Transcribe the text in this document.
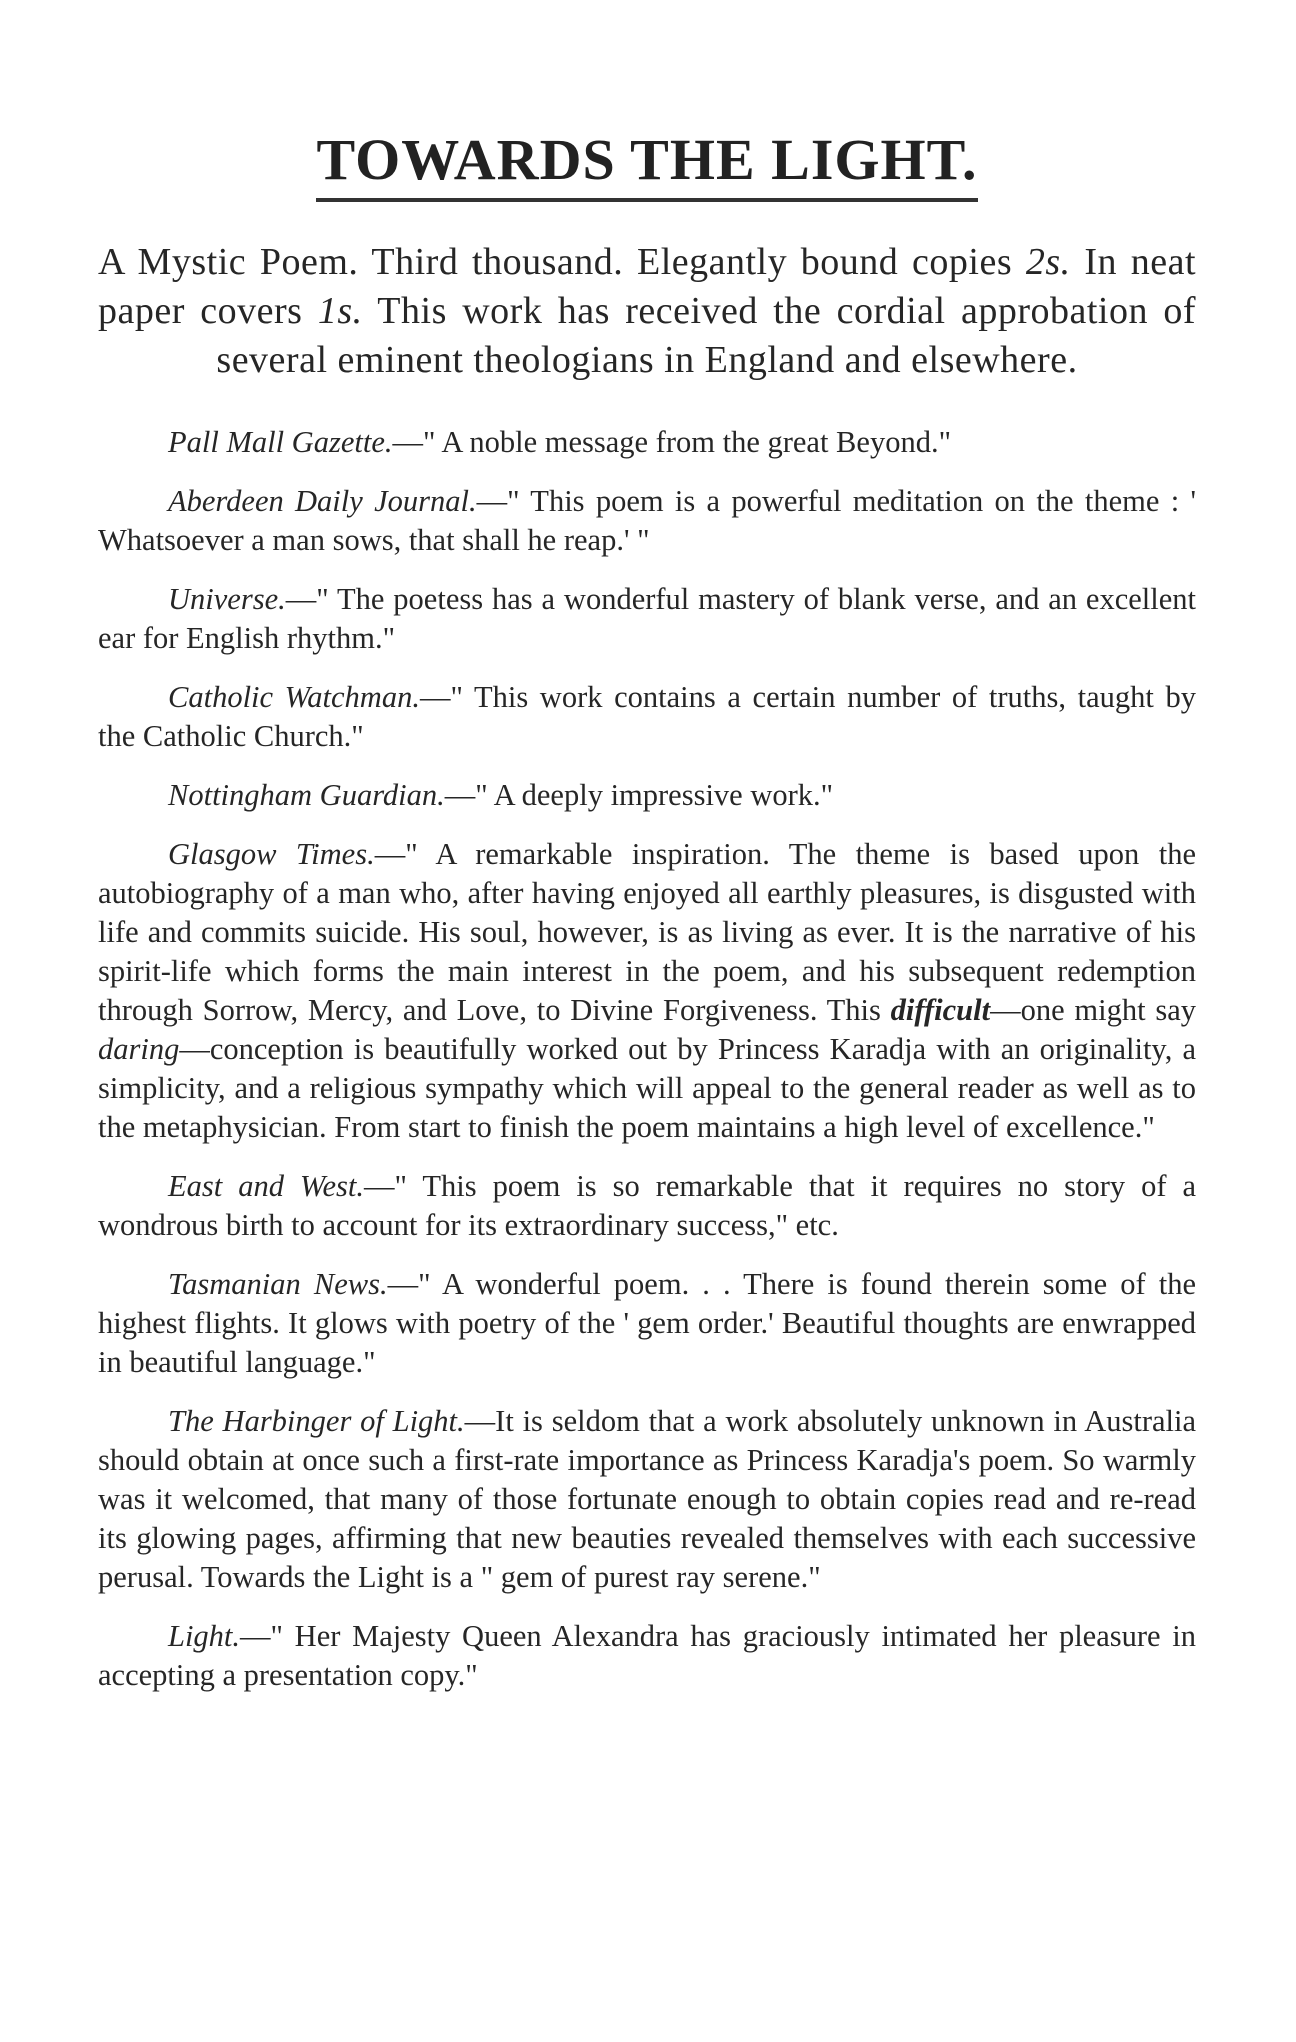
TOWARDS THE LIGHT.

A Mystic Poem. Third thousand. Elegantly bound copies 2s. In neat paper covers 1s. This work has received the cordial approbation of several eminent theologians in England and elsewhere.

Pall Mall Gazette.—" A noble message from the great Beyond."

Aberdeen Daily Journal.—" This poem is a powerful meditation on the theme : ' Whatsoever a man sows, that shall he reap.' "

Universe.—" The poetess has a wonderful mastery of blank verse, and an excellent ear for English rhythm."

Catholic Watchman.—" This work contains a certain number of truths, taught by the Catholic Church."

Nottingham Guardian.—" A deeply impressive work."

Glasgow Times.—" A remarkable inspiration. The theme is based upon the autobiography of a man who, after having enjoyed all earthly pleasures, is disgusted with life and commits suicide. His soul, however, is as living as ever. It is the narrative of his spirit-life which forms the main interest in the poem, and his subsequent redemption through Sorrow, Mercy, and Love, to Divine Forgiveness. This difficult—one might say daring—conception is beautifully worked out by Princess Karadja with an originality, a simplicity, and a religious sympathy which will appeal to the general reader as well as to the metaphysician. From start to finish the poem maintains a high level of excellence."

East and West.—" This poem is so remarkable that it requires no story of a wondrous birth to account for its extraordinary success," etc.

Tasmanian News.—" A wonderful poem. . . There is found therein some of the highest flights. It glows with poetry of the ' gem order.' Beautiful thoughts are enwrapped in beautiful language."

The Harbinger of Light.—It is seldom that a work absolutely unknown in Australia should obtain at once such a first-rate importance as Princess Karadja's poem. So warmly was it welcomed, that many of those fortunate enough to obtain copies read and re-read its glowing pages, affirming that new beauties revealed themselves with each successive perusal. Towards the Light is a " gem of purest ray serene."

Light.—" Her Majesty Queen Alexandra has graciously intimated her pleasure in accepting a presentation copy."
